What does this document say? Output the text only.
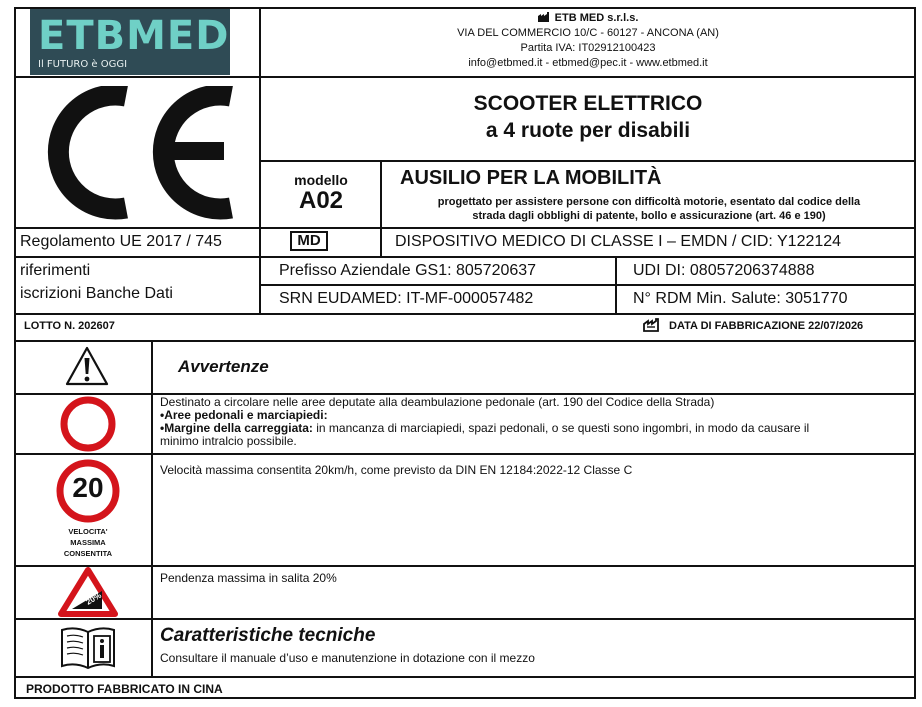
ETBMED
Il FUTURO è OGGI
ETB MED s.r.l.s.
VIA DEL COMMERCIO 10/C - 60127 - ANCONA (AN)
Partita IVA: IT02912100423
info@etbmed.it - etbmed@pec.it - www.etbmed.it
SCOOTER ELETTRICO
a 4 ruote per disabili
modello
A02
AUSILIO PER LA MOBILITÀ
progettato per assistere persone con difficoltà motorie, esentato dal codice della
strada dagli obblighi di patente, bollo e assicurazione (art. 46 e 190)
Regolamento UE 2017 / 745	MD	DISPOSITIVO MEDICO DI CLASSE I – EMDN / CID: Y122124
riferimenti
iscrizioni Banche Dati
Prefisso Aziendale GS1: 805720637	UDI DI: 08057206374888
SRN EUDAMED: IT-MF-000057482	N° RDM Min. Salute: 3051770
LOTTO N. 202607	DATA DI FABBRICAZIONE 22/07/2026
Avvertenze
Destinato a circolare nelle aree deputate alla deambulazione pedonale (art. 190 del Codice della Strada)
•Aree pedonali e marciapiedi:
•Margine della carreggiata: in mancanza di marciapiedi, spazi pedonali, o se questi sono ingombri, in modo da causare il
minimo intralcio possibile.
20
VELOCITA'
MASSIMA
CONSENTITA
Velocità massima consentita 20km/h, come previsto da DIN EN 12184:2022-12 Classe C
20%
Pendenza massima in salita 20%
Caratteristiche tecniche
Consultare il manuale d’uso e manutenzione in dotazione con il mezzo
PRODOTTO FABBRICATO IN CINA
